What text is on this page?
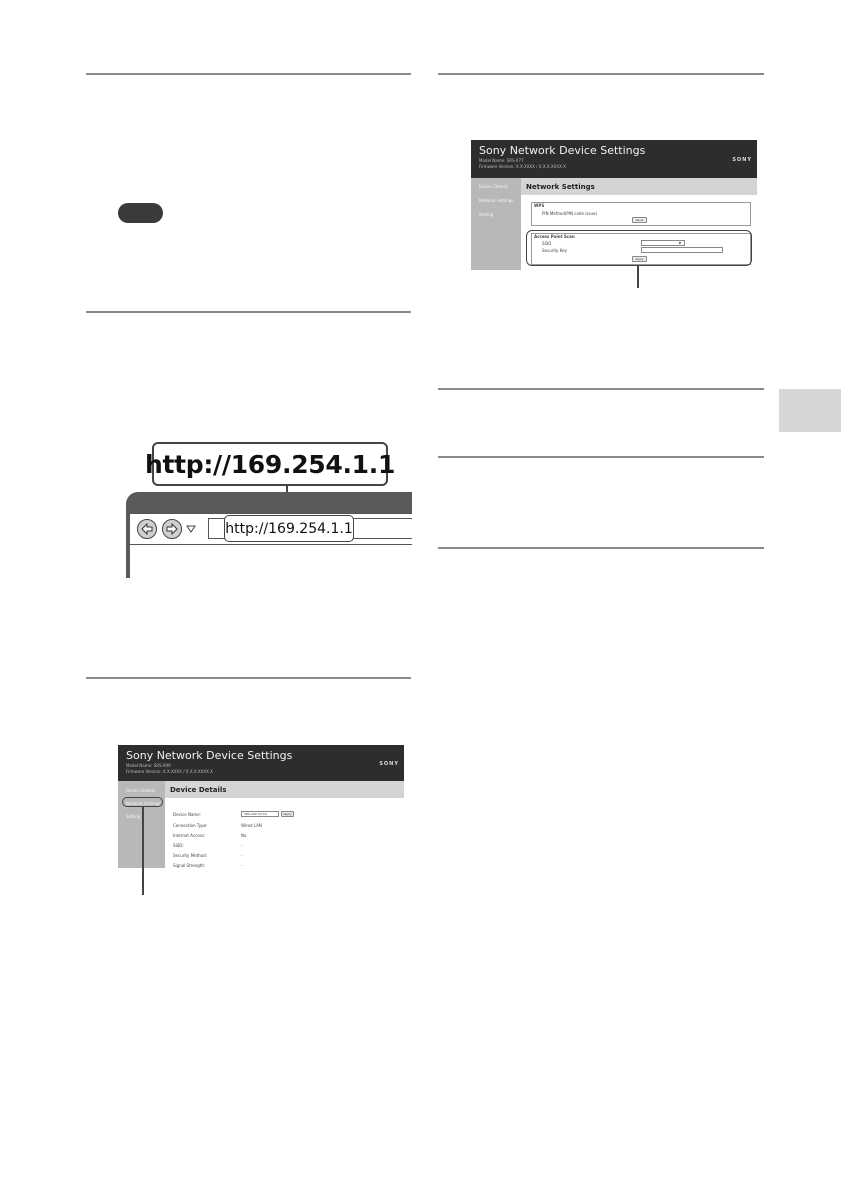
http://169.254.1.1
http://169.254.1.1
Sony Network Device Settings
Model Name: SRS-X77
Firmware Version: X.X.XXXX / X.X.X.XXXX.X
SONY
Device Details
Network Settings
Setting
Network Settings
WPS
PIN Method(PIN code issue)
Issue
Access Point Scan
SSID	▼
Security Key
Apply
Sony Network Device Settings
Model Name: SRS-X99
Firmware Version: X.X.XXXX / X.X.X.XXXX.X
SONY
Device Details
Network Settings
Setting
Device Details
Device Name:	SRS-X99 XX:XX	Apply
Connection Type:	Wired LAN
Internet Access:	No
SSID:	-
Security Method:	-
Signal Strength:	-
